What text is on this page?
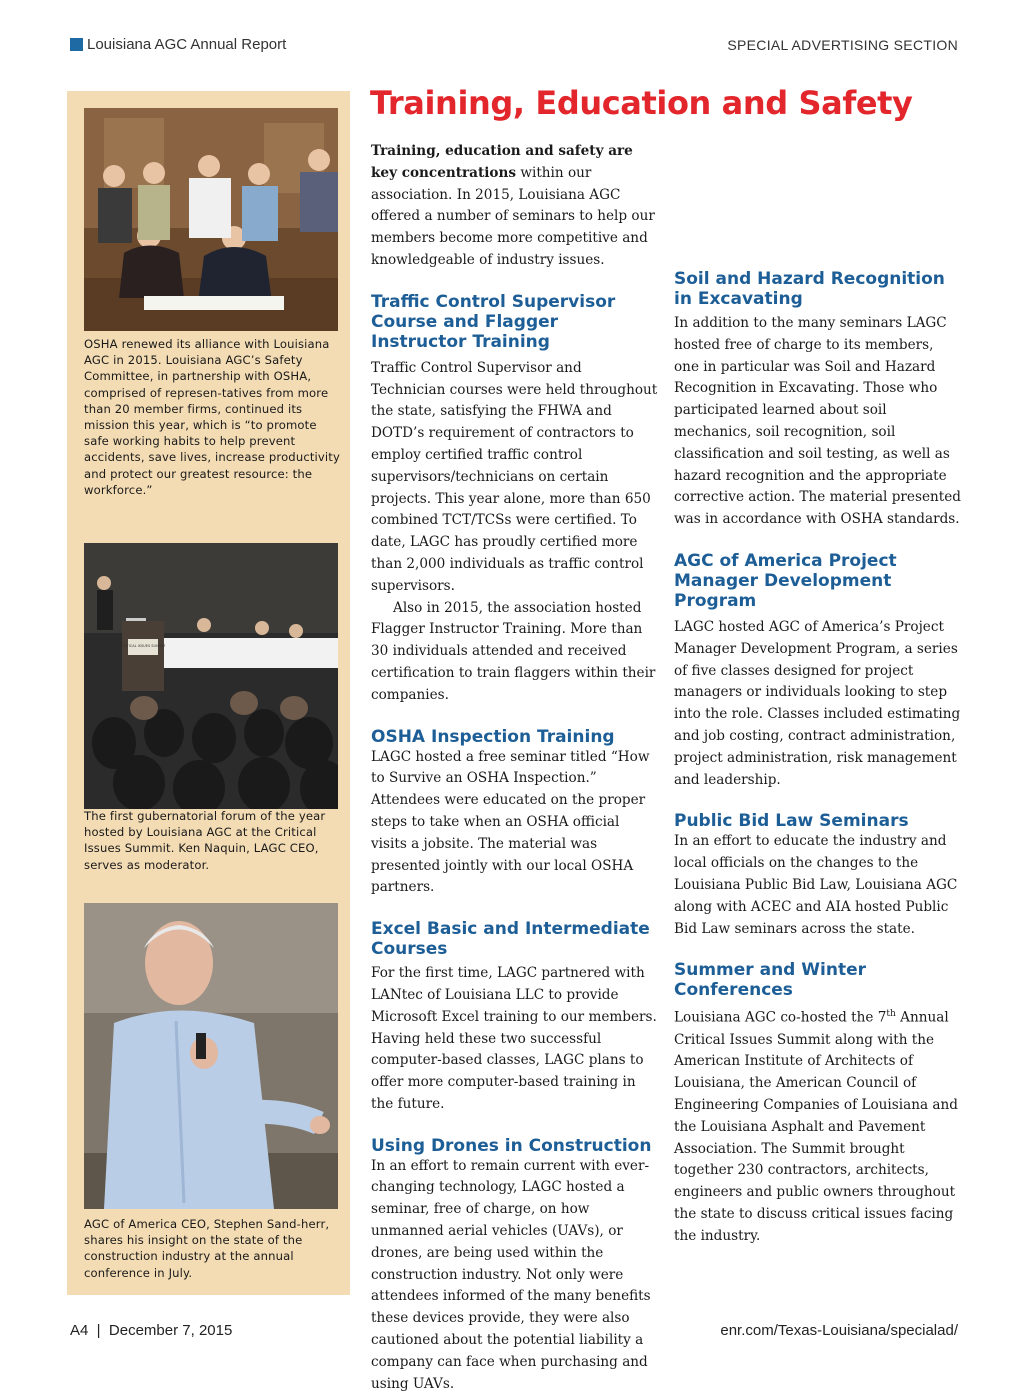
Louisiana AGC Annual Report	SPECIAL ADVERTISING SECTION
OSHA renewed its alliance with Louisiana AGC in 2015. Louisiana AGC’s Safety Committee, in partnership with OSHA, comprised of represen-tatives from more than 20 member firms, continued its mission this year, which is “to promote safe working habits to help prevent accidents, save lives, increase productivity and protect our greatest resource: the workforce.”
CRITICAL ISSUES SUMMIT
The first gubernatorial forum of the year hosted by Louisiana AGC at the Critical Issues Summit. Ken Naquin, LAGC CEO, serves as moderator.
AGC of America CEO, Stephen Sand-herr, shares his insight on the state of the construction industry at the annual conference in July.
Training, Education and Safety

Training, education and safety are key concentrations within our association. In 2015, Louisiana AGC offered a number of seminars to help our members become more competitive and knowledgeable of industry issues.

Traffic Control Supervisor Course and Flagger Instructor Training

Traffic Control Supervisor and Technician courses were held throughout the state, satisfying the FHWA and DOTD’s requirement of contractors to employ certified traffic control supervisors/technicians on certain projects. This year alone, more than 650 combined TCT/TCSs were certified. To date, LAGC has proudly certified more than 2,000 individuals as traffic control supervisors.

Also in 2015, the association hosted Flagger Instructor Training. More than 30 individuals attended and received certification to train flaggers within their companies.

OSHA Inspection Training

LAGC hosted a free seminar titled “How to Survive an OSHA Inspection.” Attendees were educated on the proper steps to take when an OSHA official visits a jobsite. The material was presented jointly with our local OSHA partners.

Excel Basic and Intermediate Courses

For the first time, LAGC partnered with LANtec of Louisiana LLC to provide Microsoft Excel training to our members. Having held these two successful computer-based classes, LAGC plans to offer more computer-based training in the future.

Using Drones in Construction

In an effort to remain current with ever-changing technology, LAGC hosted a seminar, free of charge, on how unmanned aerial vehicles (UAVs), or drones, are being used within the construction industry. Not only were attendees informed of the many benefits these devices provide, they were also cautioned about the potential liability a company can face when purchasing and using UAVs.

Soil and Hazard Recognition in Excavating

In addition to the many seminars LAGC hosted free of charge to its members, one in particular was Soil and Hazard Recognition in Excavating. Those who participated learned about soil mechanics, soil recognition, soil classification and soil testing, as well as hazard recognition and the appropriate corrective action. The material presented was in accordance with OSHA standards.

AGC of America Project Manager Development Program

LAGC hosted AGC of America’s Project Manager Development Program, a series of five classes designed for project managers or individuals looking to step into the role. Classes included estimating and job costing, contract administration, project administration, risk management and leadership.

Public Bid Law Seminars

In an effort to educate the industry and local officials on the changes to the Louisiana Public Bid Law, Louisiana AGC along with ACEC and AIA hosted Public Bid Law seminars across the state.

Summer and Winter Conferences

Louisiana AGC co-hosted the 7th Annual Critical Issues Summit along with the American Institute of Architects of Louisiana, the American Council of Engineering Companies of Louisiana and the Louisiana Asphalt and Pavement Association. The Summit brought together 230 contractors, architects, engineers and public owners throughout the state to discuss critical issues facing the industry.

A4  |  December 7, 2015	enr.com/Texas-Louisiana/specialad/
